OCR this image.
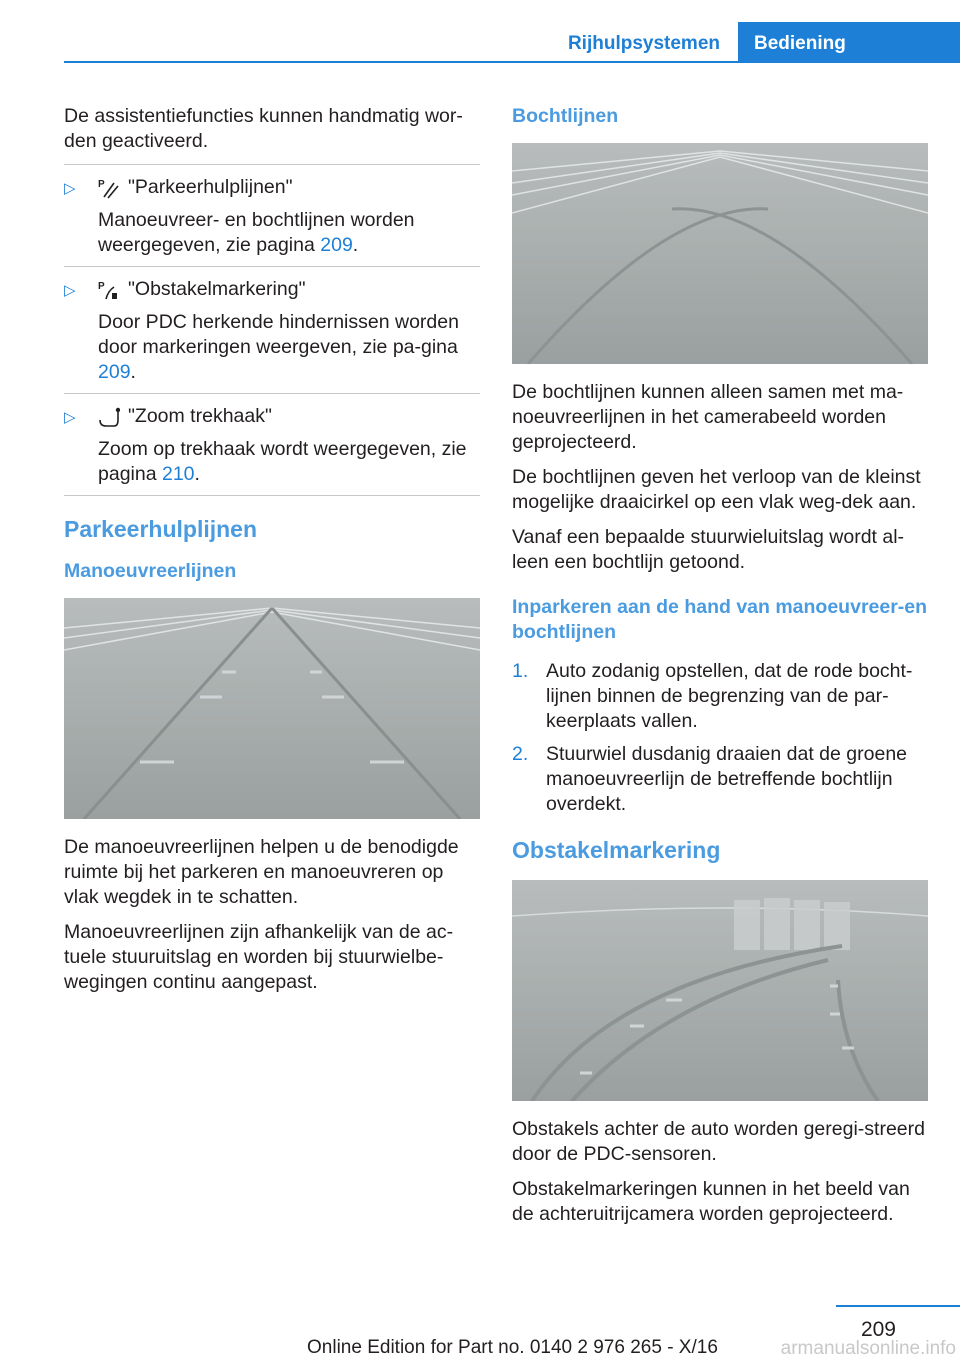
Rijhulpsystemen Bediening

De assistentiefuncties kunnen handmatig wor-den geactiveerd.

▷ P "Parkeerhulplijnen"
Manoeuvreer- en bochtlijnen worden weergegeven, zie pagina 209.
▷ P "Obstakelmarkering"
Door PDC herkende hindernissen worden door markeringen weergeven, zie pa-gina 209.
▷	"Zoom trekhaak"
Zoom op trekhaak wordt weergegeven, zie pagina 210.
Parkeerhulplijnen
Manoeuvreerlijnen

De manoeuvreerlijnen helpen u de benodigde ruimte bij het parkeren en manoeuvreren op vlak wegdek in te schatten.

Manoeuvreerlijnen zijn afhankelijk van de ac-tuele stuuruitslag en worden bij stuurwielbe-wegingen continu aangepast.

Bochtlijnen

De bochtlijnen kunnen alleen samen met ma-noeuvreerlijnen in het camerabeeld worden geprojecteerd.

De bochtlijnen geven het verloop van de kleinst mogelijke draaicirkel op een vlak weg-dek aan.

Vanaf een bepaalde stuurwieluitslag wordt al-leen een bochtlijn getoond.

Inparkeren aan de hand van manoeuvreer-en bochtlijnen
1. Auto zodanig opstellen, dat de rode bocht-lijnen binnen de begrenzing van de par-keerplaats vallen.
2. Stuurwiel dusdanig draaien dat de groene manoeuvreerlijn de betreffende bochtlijn overdekt.
Obstakelmarkering

Obstakels achter de auto worden geregi-streerd door de PDC-sensoren.

Obstakelmarkeringen kunnen in het beeld van de achteruitrijcamera worden geprojecteerd.

209
Online Edition for Part no. 0140 2 976 265 - X/16	armanualsonline.info
